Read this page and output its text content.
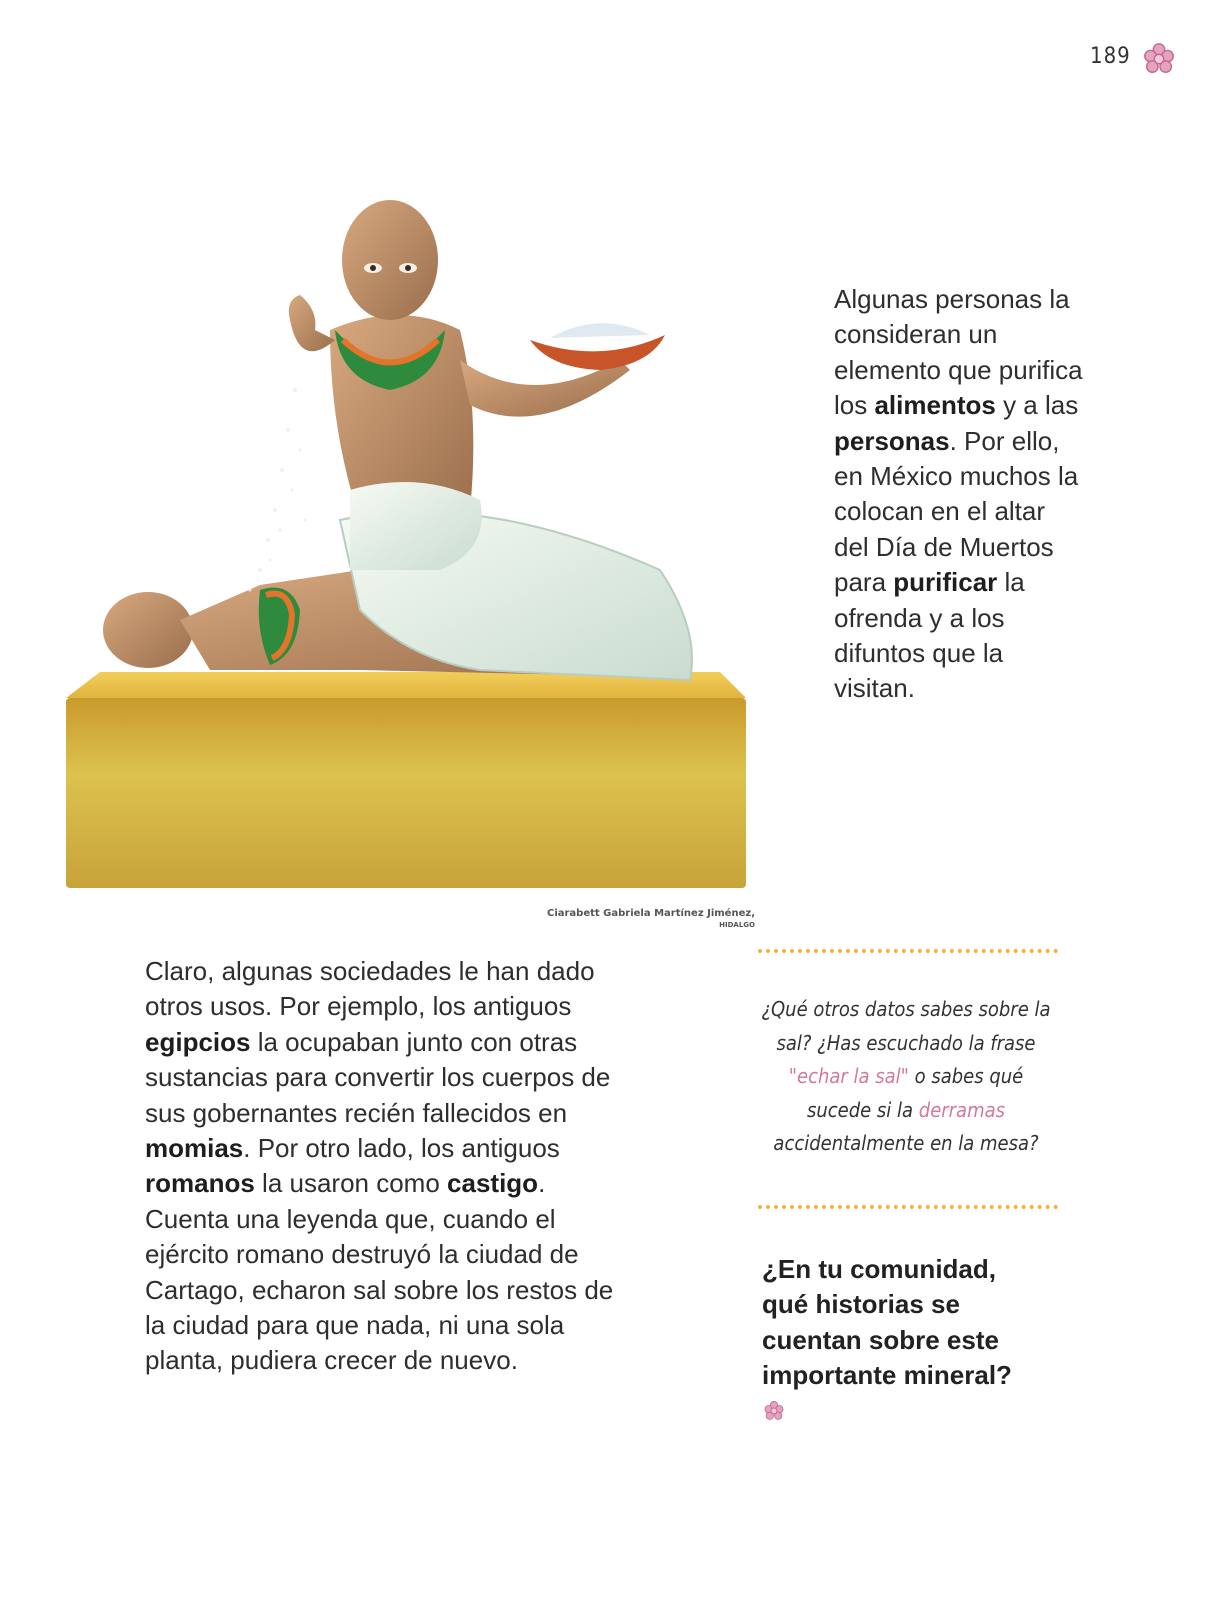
189
Ciarabett Gabriela Martínez Jiménez, HIDALGO
Algunas personas la consideran un elemento que purifica los alimentos y a las personas. Por ello, en México muchos la colocan en el altar del Día de Muertos para purificar la ofrenda y a los difuntos que la visitan.
Claro, algunas sociedades le han dado otros usos. Por ejemplo, los antiguos egipcios la ocupaban junto con otras sustancias para convertir los cuerpos de sus gobernantes recién fallecidos en momias. Por otro lado, los antiguos romanos la usaron como castigo. Cuenta una leyenda que, cuando el ejército romano destruyó la ciudad de Cartago, echaron sal sobre los restos de la ciudad para que nada, ni una sola planta, pudiera crecer de nuevo.
¿Qué otros datos sabes sobre la sal? ¿Has escuchado la frase "echar la sal" o sabes qué sucede si la derramas accidentalmente en la mesa?
¿En tu comunidad, qué historias se cuentan sobre este importante mineral?
